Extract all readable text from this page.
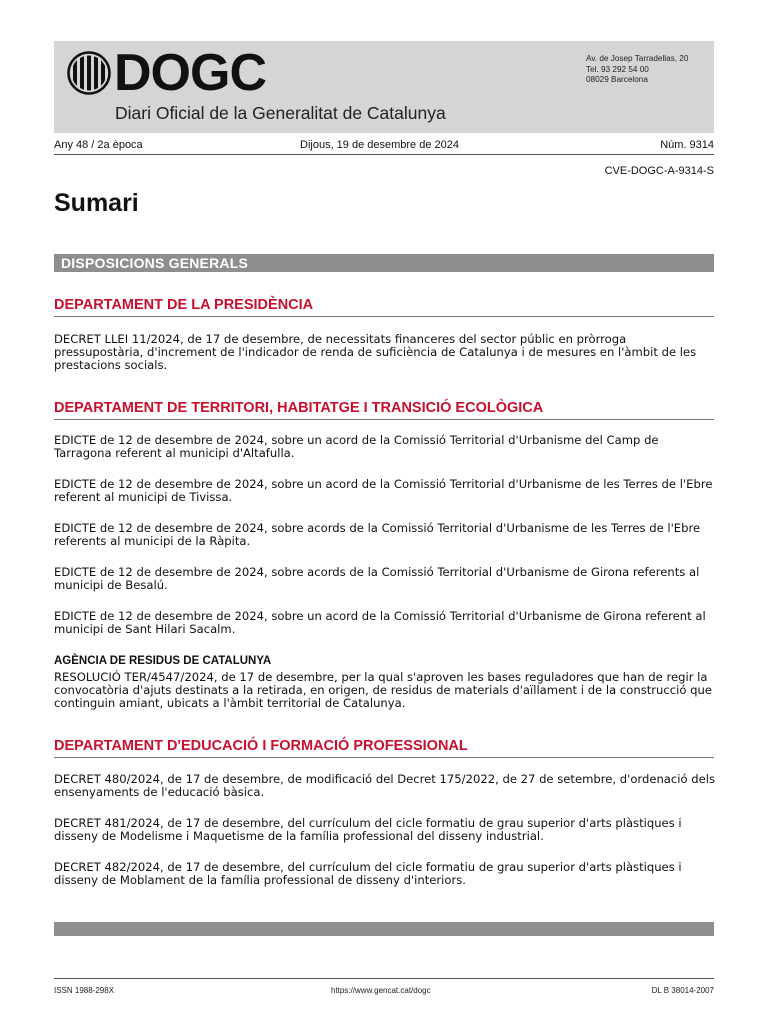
DOGC
Diari Oficial de la Generalitat de Catalunya
Av. de Josep Tarradellas, 20
Tel. 93 292 54 00
08029 Barcelona
Any 48 / 2a època	Dijous, 19 de desembre de 2024	Núm. 9314
CVE-DOGC-A-9314-S
Sumari
DISPOSICIONS GENERALS
DEPARTAMENT DE LA PRESIDÈNCIA
DECRET LLEI 11/2024, de 17 de desembre, de necessitats financeres del sector públic en pròrroga pressupostària, d'increment de l'indicador de renda de suficiència de Catalunya i de mesures en l'àmbit de les prestacions socials.
DEPARTAMENT DE TERRITORI, HABITATGE I TRANSICIÓ ECOLÒGICA
EDICTE de 12 de desembre de 2024, sobre un acord de la Comissió Territorial d'Urbanisme del Camp de Tarragona referent al municipi d'Altafulla.
EDICTE de 12 de desembre de 2024, sobre un acord de la Comissió Territorial d'Urbanisme de les Terres de l'Ebre referent al municipi de Tivissa.
EDICTE de 12 de desembre de 2024, sobre acords de la Comissió Territorial d'Urbanisme de les Terres de l'Ebre referents al municipi de la Ràpita.
EDICTE de 12 de desembre de 2024, sobre acords de la Comissió Territorial d'Urbanisme de Girona referents al municipi de Besalú.
EDICTE de 12 de desembre de 2024, sobre un acord de la Comissió Territorial d'Urbanisme de Girona referent al municipi de Sant Hilari Sacalm.
AGÈNCIA DE RESIDUS DE CATALUNYA
RESOLUCIÓ TER/4547/2024, de 17 de desembre, per la qual s'aproven les bases reguladores que han de regir la convocatòria d'ajuts destinats a la retirada, en origen, de residus de materials d'aïllament i de la construcció que continguin amiant, ubicats a l'àmbit territorial de Catalunya.
DEPARTAMENT D'EDUCACIÓ I FORMACIÓ PROFESSIONAL
DECRET 480/2024, de 17 de desembre, de modificació del Decret 175/2022, de 27 de setembre, d'ordenació dels ensenyaments de l'educació bàsica.
DECRET 481/2024, de 17 de desembre, del currículum del cicle formatiu de grau superior d'arts plàstiques i disseny de Modelisme i Maquetisme de la família professional del disseny industrial.
DECRET 482/2024, de 17 de desembre, del currículum del cicle formatiu de grau superior d'arts plàstiques i disseny de Moblament de la família professional de disseny d'interiors.
ISSN 1988-298X	https://www.gencat.cat/dogc	DL B 38014-2007
